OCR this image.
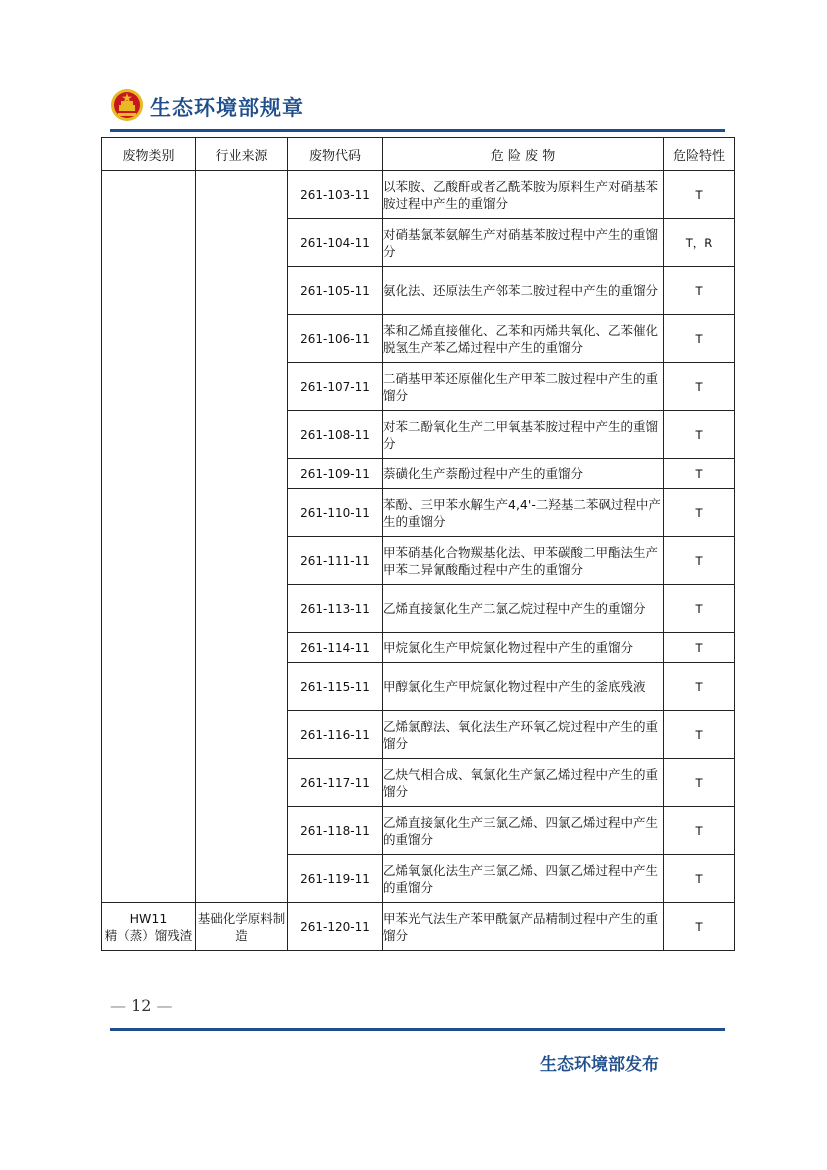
生态环境部规章
废物类别	行业来源	废物代码	危 险 废 物	危险特性
		261-103-11	以苯胺、乙酸酐或者乙酰苯胺为原料生产对硝基苯胺过程中产生的重馏分	T
		261-104-11	对硝基氯苯氨解生产对硝基苯胺过程中产生的重馏分	T，R
		261-105-11	氨化法、还原法生产邻苯二胺过程中产生的重馏分	T
		261-106-11	苯和乙烯直接催化、乙苯和丙烯共氧化、乙苯催化脱氢生产苯乙烯过程中产生的重馏分	T
		261-107-11	二硝基甲苯还原催化生产甲苯二胺过程中产生的重馏分	T
		261-108-11	对苯二酚氧化生产二甲氧基苯胺过程中产生的重馏分	T
		261-109-11	萘磺化生产萘酚过程中产生的重馏分	T
		261-110-11	苯酚、三甲苯水解生产4,4'-二羟基二苯砜过程中产生的重馏分	T
		261-111-11	甲苯硝基化合物羰基化法、甲苯碳酸二甲酯法生产甲苯二异氰酸酯过程中产生的重馏分	T
		261-113-11	乙烯直接氯化生产二氯乙烷过程中产生的重馏分	T
		261-114-11	甲烷氯化生产甲烷氯化物过程中产生的重馏分	T
		261-115-11	甲醇氯化生产甲烷氯化物过程中产生的釜底残液	T
		261-116-11	乙烯氯醇法、氧化法生产环氧乙烷过程中产生的重馏分	T
		261-117-11	乙炔气相合成、氧氯化生产氯乙烯过程中产生的重馏分	T
		261-118-11	乙烯直接氯化生产三氯乙烯、四氯乙烯过程中产生的重馏分	T
		261-119-11	乙烯氧氯化法生产三氯乙烯、四氯乙烯过程中产生的重馏分	T
HW11
精（蒸）馏残渣	基础化学原料制造	261-120-11	甲苯光气法生产苯甲酰氯产品精制过程中产生的重馏分	T
— 12 —
生态环境部发布
